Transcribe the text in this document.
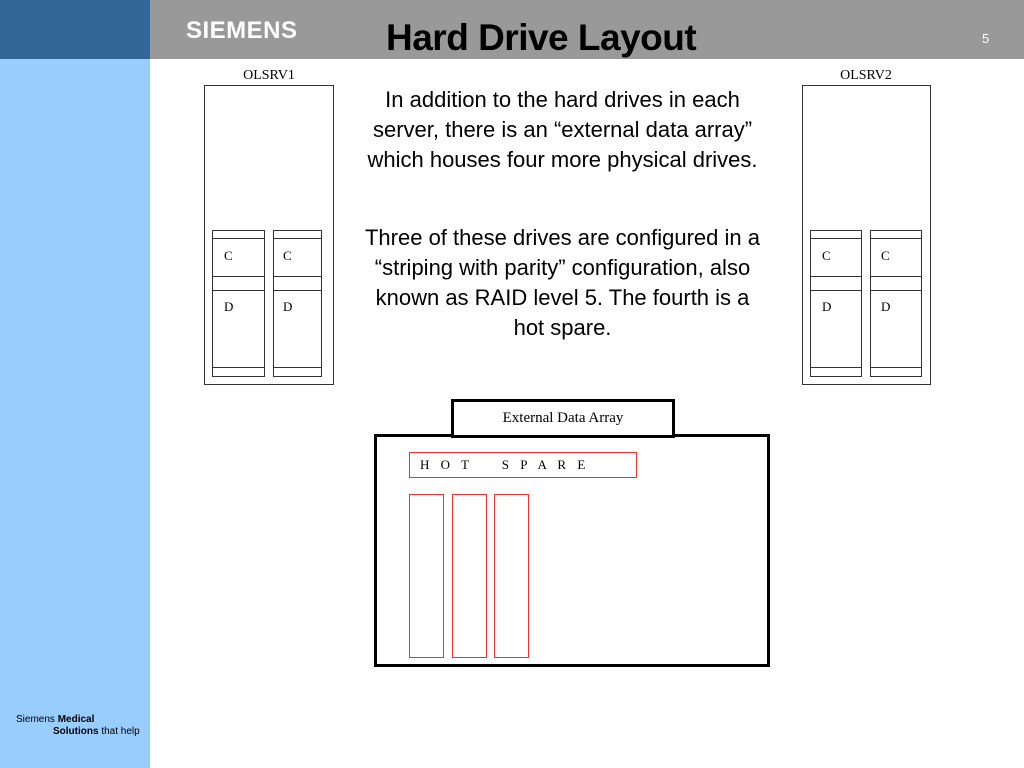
SIEMENS Hard Drive Layout	5
Siemens Medical
Solutions that help
OLSRV1
C
D
C
D
OLSRV2
C
D
C
D
In addition to the hard drives in each server, there is an “external data array” which houses four more physical drives.
Three of these drives are configured in a “striping with parity” configuration, also known as RAID level 5. The fourth is a hot spare.
External Data Array
H O T    S P A R E
